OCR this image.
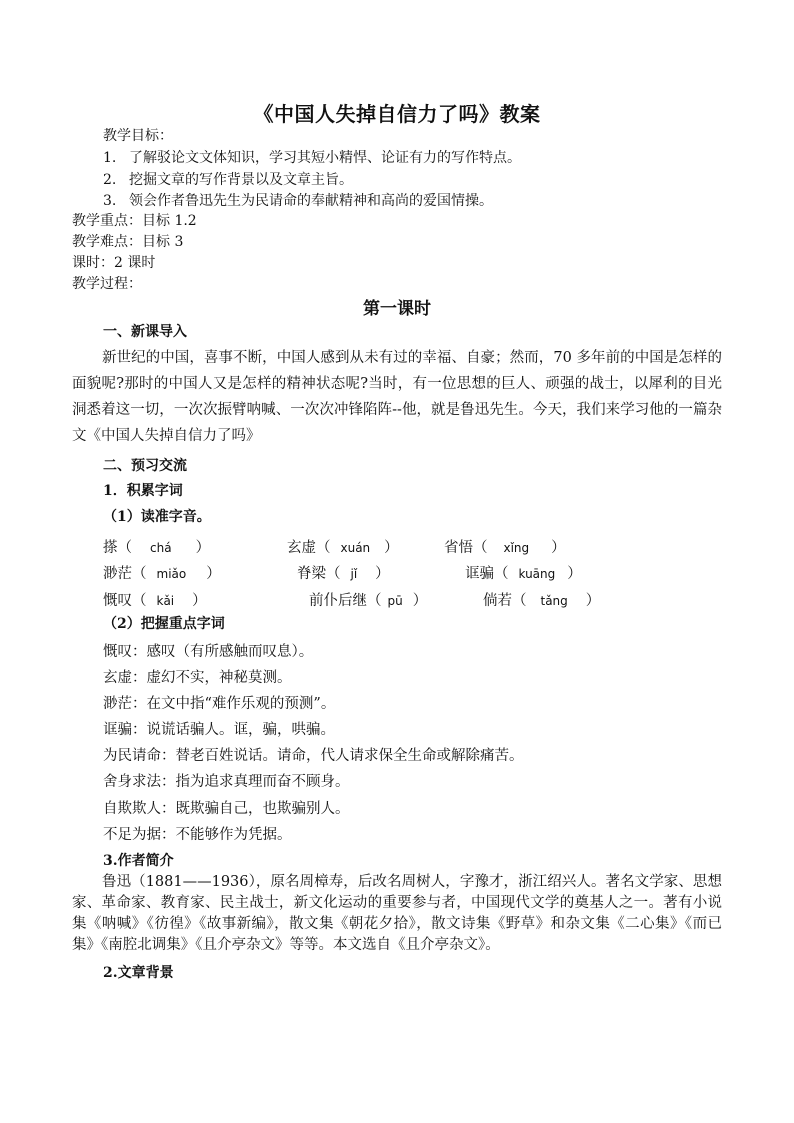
《中国人失掉自信力了吗》教案
教学目标：
1. 了解驳论文文体知识，学习其短小精悍、论证有力的写作特点。
2. 挖掘文章的写作背景以及文章主旨。
3. 领会作者鲁迅先生为民请命的奉献精神和高尚的爱国情操。
教学重点：目标 1.2
教学难点：目标 3
课时：2 课时
教学过程：
第一课时
一、新课导入
新世纪的中国，喜事不断，中国人感到从未有过的幸福、自豪；然而，70 多年前的中国是怎样的面貌呢?那时的中国人又是怎样的精神状态呢?当时，有一位思想的巨人、顽强的战士，以犀利的目光洞悉着这一切，一次次振臂呐喊、一次次冲锋陷阵--他，就是鲁迅先生。今天，我们来学习他的一篇杂文《中国人失掉自信力了吗》
二、预习交流
1．积累字词
（1）读准字音。
搽（ chá ）	玄虚（ xuán ）	省悟（ xǐng ）
渺茫（ miǎo ）	脊梁（ jǐ ）	诓骗（ kuāng ）
慨叹（ kǎi ）	前仆后继（ pū ）	倘若（ tǎng ）
（2）把握重点字词
慨叹：感叹（有所感触而叹息）。
玄虚：虚幻不实，神秘莫测。
渺茫：在文中指“难作乐观的预测”。
诓骗：说谎话骗人。诓，骗，哄骗。
为民请命：替老百姓说话。请命，代人请求保全生命或解除痛苦。
舍身求法：指为追求真理而奋不顾身。
自欺欺人：既欺骗自己，也欺骗别人。
不足为据：不能够作为凭据。
3.作者简介
鲁迅（1881——1936），原名周樟寿，后改名周树人，字豫才，浙江绍兴人。著名文学家、思想家、革命家、教育家、民主战士，新文化运动的重要参与者，中国现代文学的奠基人之一。著有小说集《呐喊》《彷徨》《故事新编》，散文集《朝花夕拾》，散文诗集《野草》和杂文集《二心集》《而已集》《南腔北调集》《且介亭杂文》等等。本文选自《且介亭杂文》。
2.文章背景
